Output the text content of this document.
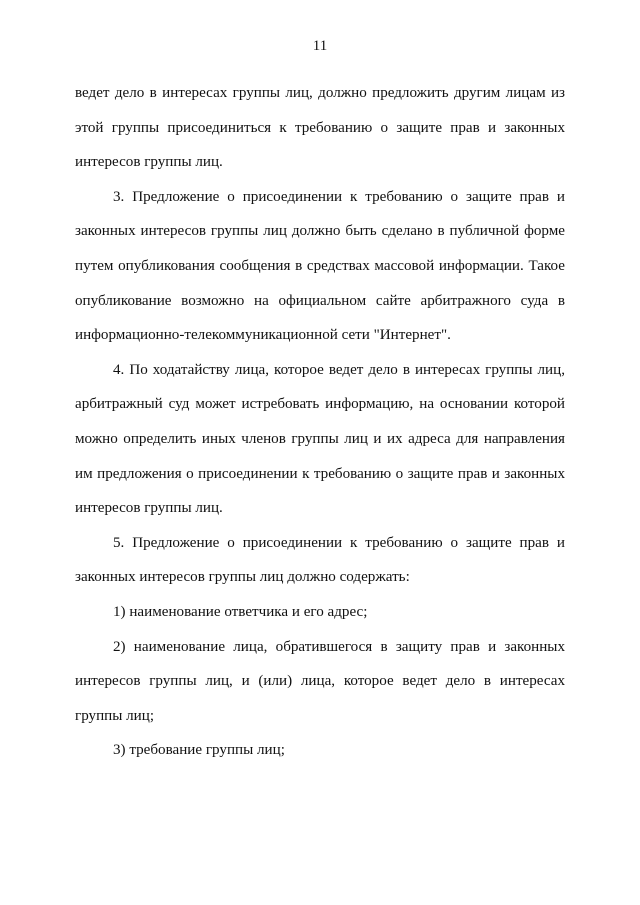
11

ведет дело в интересах группы лиц, должно предложить другим лицам из этой группы присоединиться к требованию о защите прав и законных интересов группы лиц.

3. Предложение о присоединении к требованию о защите прав и законных интересов группы лиц должно быть сделано в публичной форме путем опубликования сообщения в средствах массовой информации. Такое опубликование возможно на официальном сайте арбитражного суда в информационно-телекоммуникационной сети "Интернет".

4. По ходатайству лица, которое ведет дело в интересах группы лиц, арбитражный суд может истребовать информацию, на основании которой можно определить иных членов группы лиц и их адреса для направления им предложения о присоединении к требованию о защите прав и законных интересов группы лиц.

5. Предложение о присоединении к требованию о защите прав и законных интересов группы лиц должно содержать:

1) наименование ответчика и его адрес;

2) наименование лица, обратившегося в защиту прав и законных интересов группы лиц, и (или) лица, которое ведет дело в интересах группы лиц;

3) требование группы лиц;
